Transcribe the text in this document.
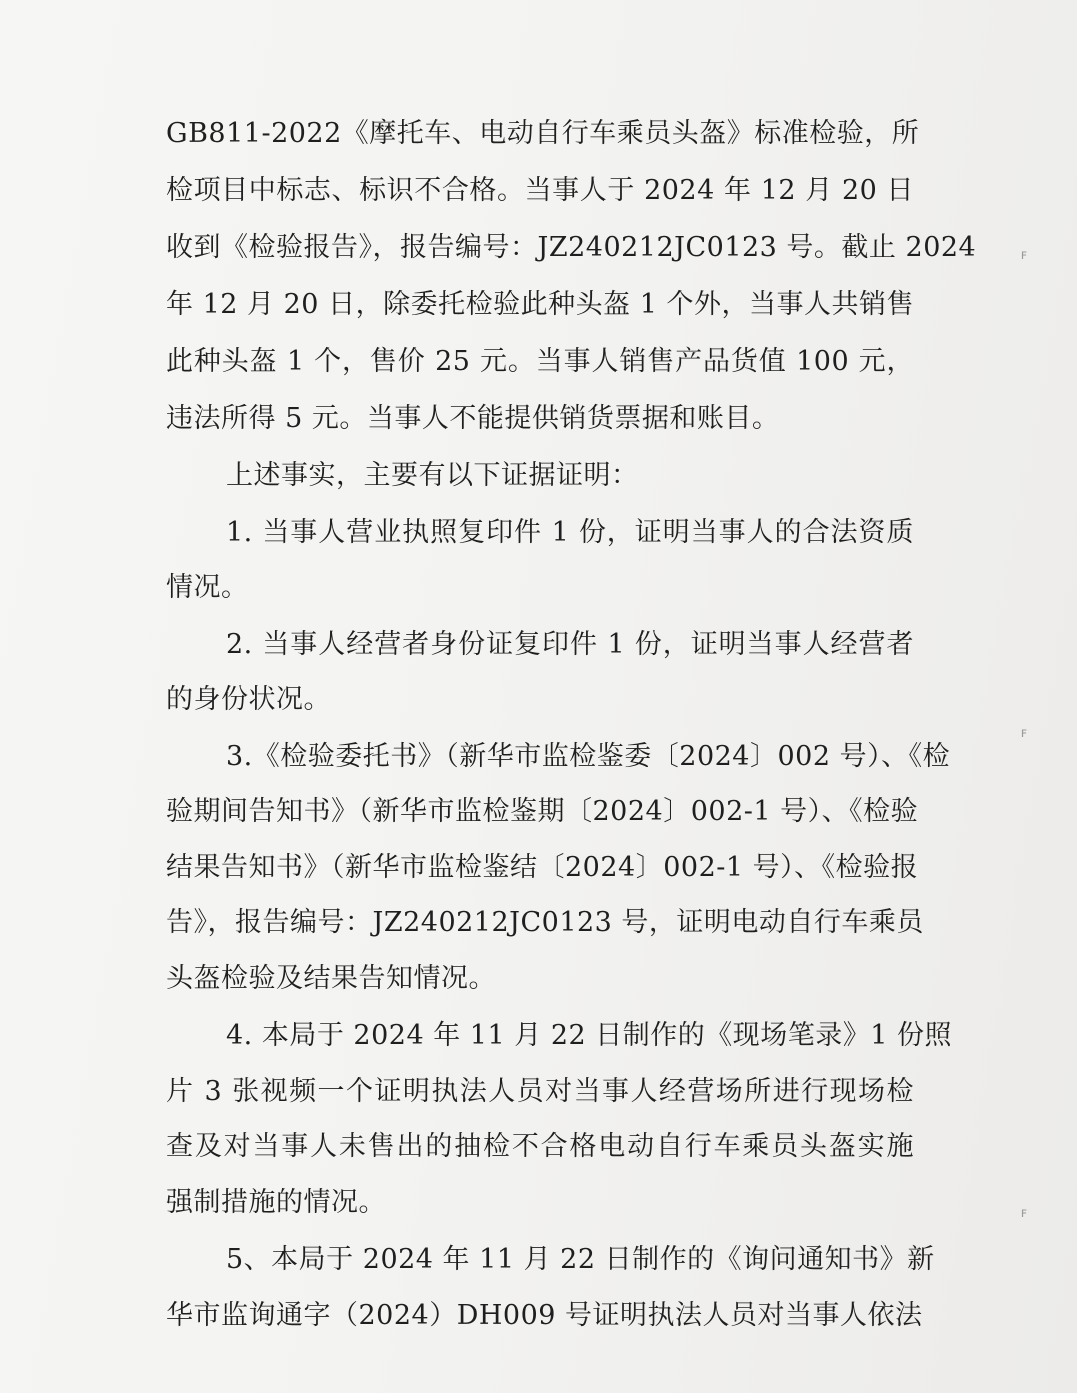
GB811-2022《摩托车、电动自行车乘员头盔》标准检验，所
检项目中标志、标识不合格。当事人于 2024 年 12 月 20 日
收到《检验报告》，报告编号：JZ240212JC0123 号。截止 2024
年 12 月 20 日，除委托检验此种头盔 1 个外，当事人共销售
此种头盔 1 个，售价 25 元。当事人销售产品货值 100 元，
违法所得 5 元。当事人不能提供销货票据和账目。
上述事实，主要有以下证据证明：
1. 当事人营业执照复印件 1 份，证明当事人的合法资质
情况。
2. 当事人经营者身份证复印件 1 份，证明当事人经营者
的身份状况。
3.《检验委托书》（新华市监检鉴委〔2024〕002 号）、《检
验期间告知书》（新华市监检鉴期〔2024〕002-1 号）、《检验
结果告知书》（新华市监检鉴结〔2024〕002-1 号）、《检验报
告》，报告编号：JZ240212JC0123 号，证明电动自行车乘员
头盔检验及结果告知情况。
4. 本局于 2024 年 11 月 22 日制作的《现场笔录》1 份照
片 3 张视频一个证明执法人员对当事人经营场所进行现场检
查及对当事人未售出的抽检不合格电动自行车乘员头盔实施
强制措施的情况。
5、本局于 2024 年 11 月 22 日制作的《询问通知书》新
华市监询通字（2024）DH009 号证明执法人员对当事人依法
ꜰ
ꜰ
ꜰ
